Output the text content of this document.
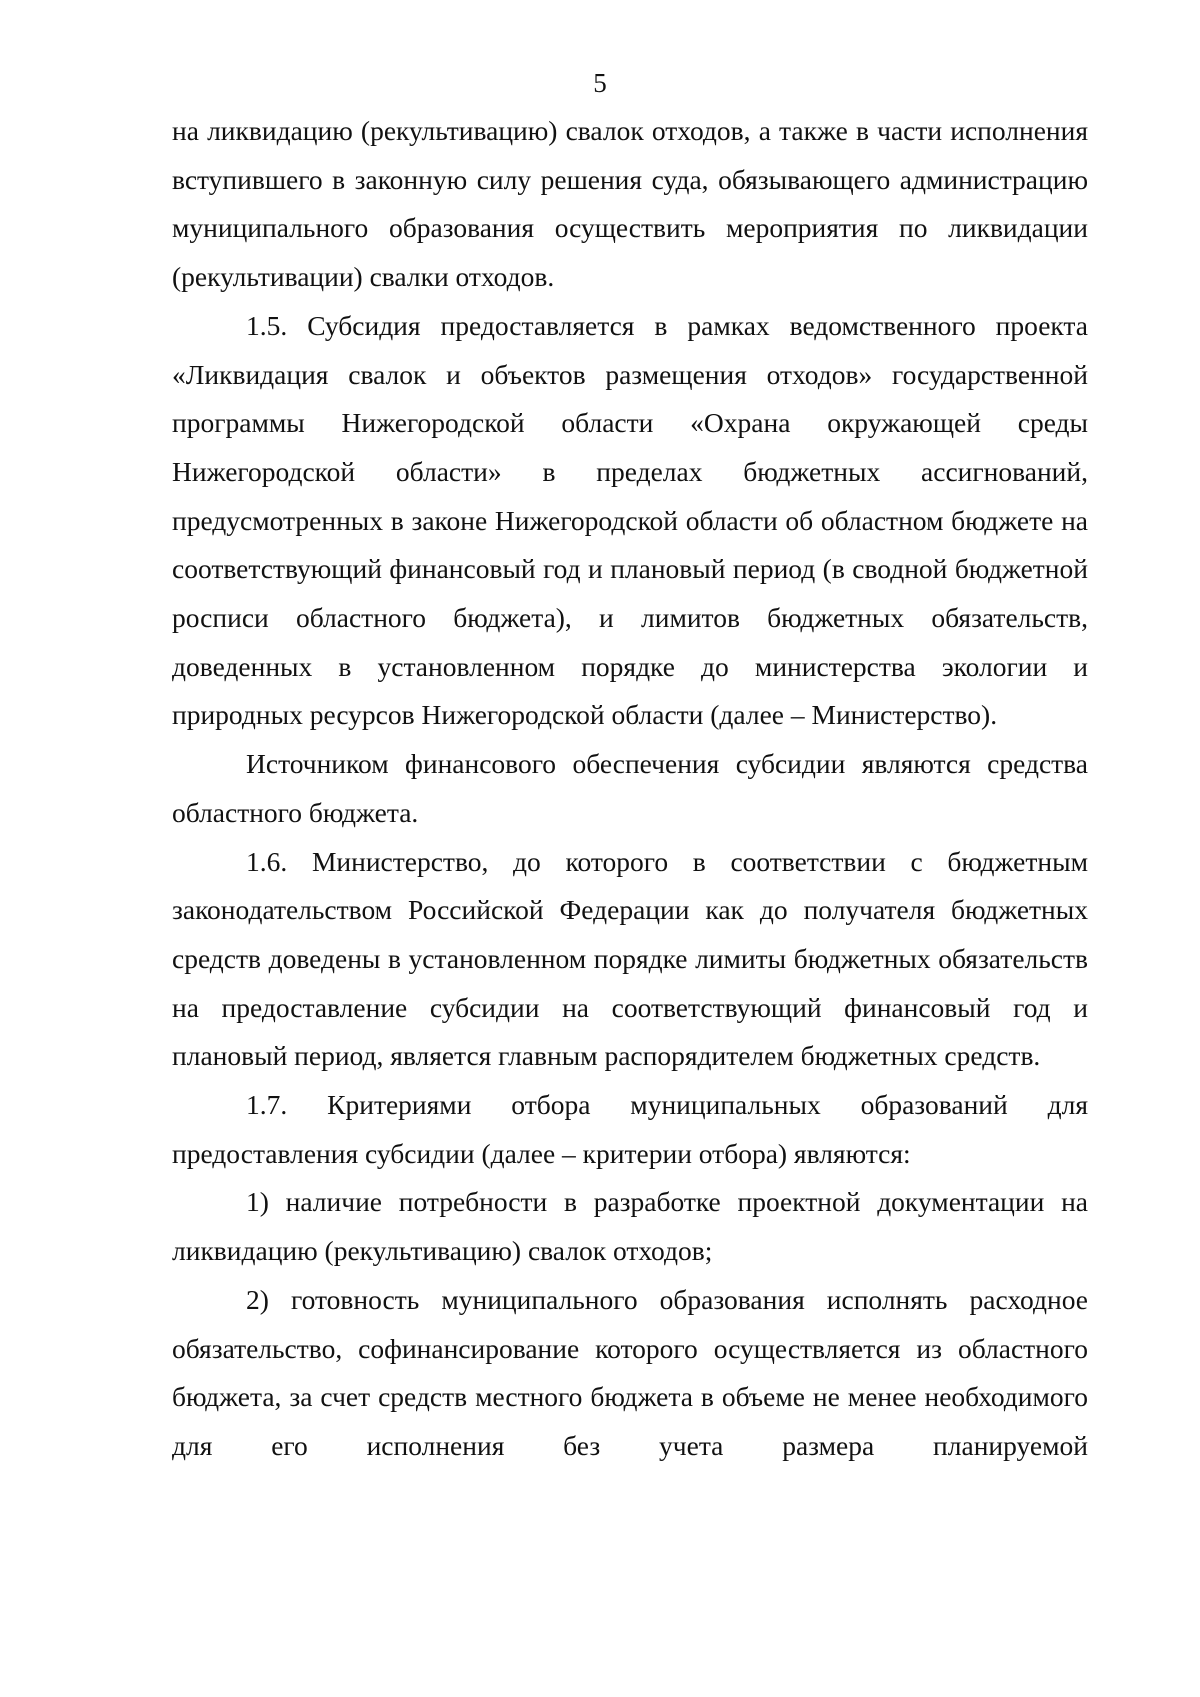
5

на ликвидацию (рекультивацию) свалок отходов, а также в части исполнения вступившего в законную силу решения суда, обязывающего администрацию муниципального образования осуществить мероприятия по ликвидации (рекультивации) свалки отходов.

1.5. Субсидия предоставляется в рамках ведомственного проекта «Ликвидация свалок и объектов размещения отходов» государственной программы Нижегородской области «Охрана окружающей среды Нижегородской области» в пределах бюджетных ассигнований, предусмотренных в законе Нижегородской области об областном бюджете на соответствующий финансовый год и плановый период (в сводной бюджетной росписи областного бюджета), и лимитов бюджетных обязательств, доведенных в установленном порядке до министерства экологии и природных ресурсов Нижегородской области (далее – Министерство).

Источником финансового обеспечения субсидии являются средства областного бюджета.

1.6. Министерство, до которого в соответствии с бюджетным законодательством Российской Федерации как до получателя бюджетных средств доведены в установленном порядке лимиты бюджетных обязательств на предоставление субсидии на соответствующий финансовый год и плановый период, является главным распорядителем бюджетных средств.

1.7. Критериями отбора муниципальных образований для предоставления субсидии (далее – критерии отбора) являются:

1) наличие потребности в разработке проектной документации на ликвидацию (рекультивацию) свалок отходов;

2) готовность муниципального образования исполнять расходное обязательство, софинансирование которого осуществляется из областного бюджета, за счет средств местного бюджета в объеме не менее необходимого для его исполнения без учета размера планируемой
